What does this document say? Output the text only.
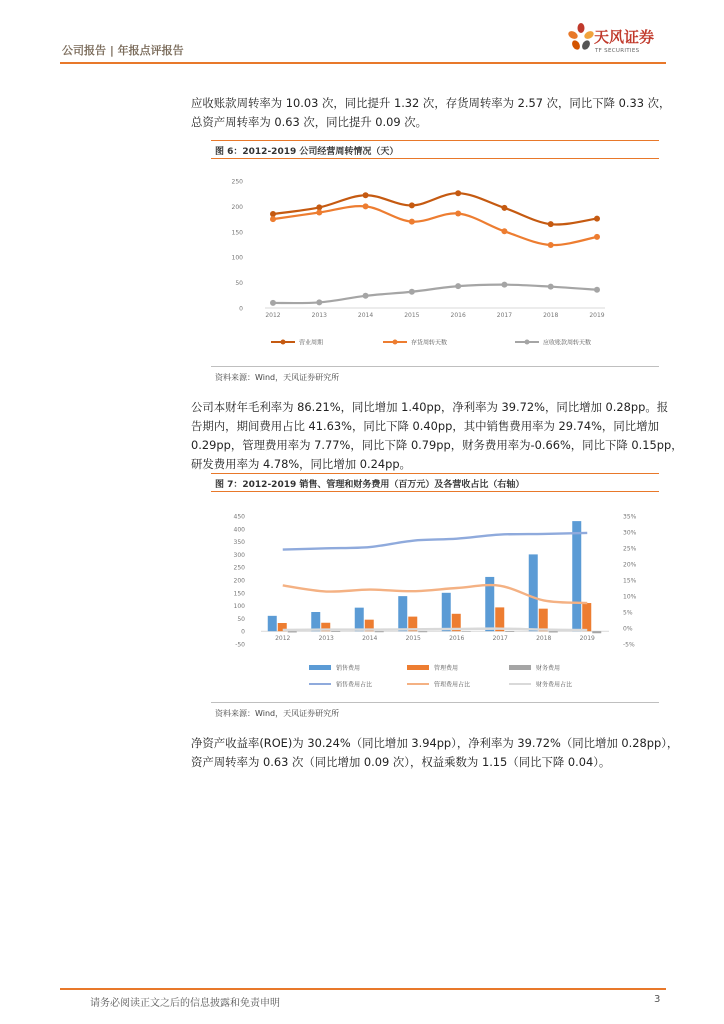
公司报告 | 年报点评报告
天风证券
TF SECURITIES
应收账款周转率为 10.03 次，同比提升 1.32 次，存货周转率为 2.57 次，同比下降 0.33 次，
总资产周转率为 0.63 次，同比提升 0.09 次。
图 6：2012-2019 公司经营周转情况（天）
0
50
100
150
200
250
2012	2013	2014	2015	2016	2017	2018	2019
营业周期	存货周转天数	应收账款周转天数
资料来源：Wind，天风证券研究所
公司本财年毛利率为 86.21%，同比增加 1.40pp，净利率为 39.72%，同比增加 0.28pp。报
告期内，期间费用占比 41.63%，同比下降 0.40pp，其中销售费用率为 29.74%，同比增加
0.29pp，管理费用率为 7.77%，同比下降 0.79pp，财务费用率为-0.66%，同比下降 0.15pp，
研发费用率为 4.78%，同比增加 0.24pp。
图 7：2012-2019 销售、管理和财务费用（百万元）及各营收占比（右轴）
-50
0
50
100
150
200
250
300
350
400
450
-5%
0%
5%
10%
15%
20%
25%
30%
35%
2012	2013	2014	2015	2016	2017	2018	2019
销售费用	管理费用	财务费用
销售费用占比	管理费用占比	财务费用占比
资料来源：Wind，天风证券研究所
净资产收益率(ROE)为 30.24%（同比增加 3.94pp），净利率为 39.72%（同比增加 0.28pp），
资产周转率为 0.63 次（同比增加 0.09 次），权益乘数为 1.15（同比下降 0.04）。
请务必阅读正文之后的信息披露和免责申明	3
